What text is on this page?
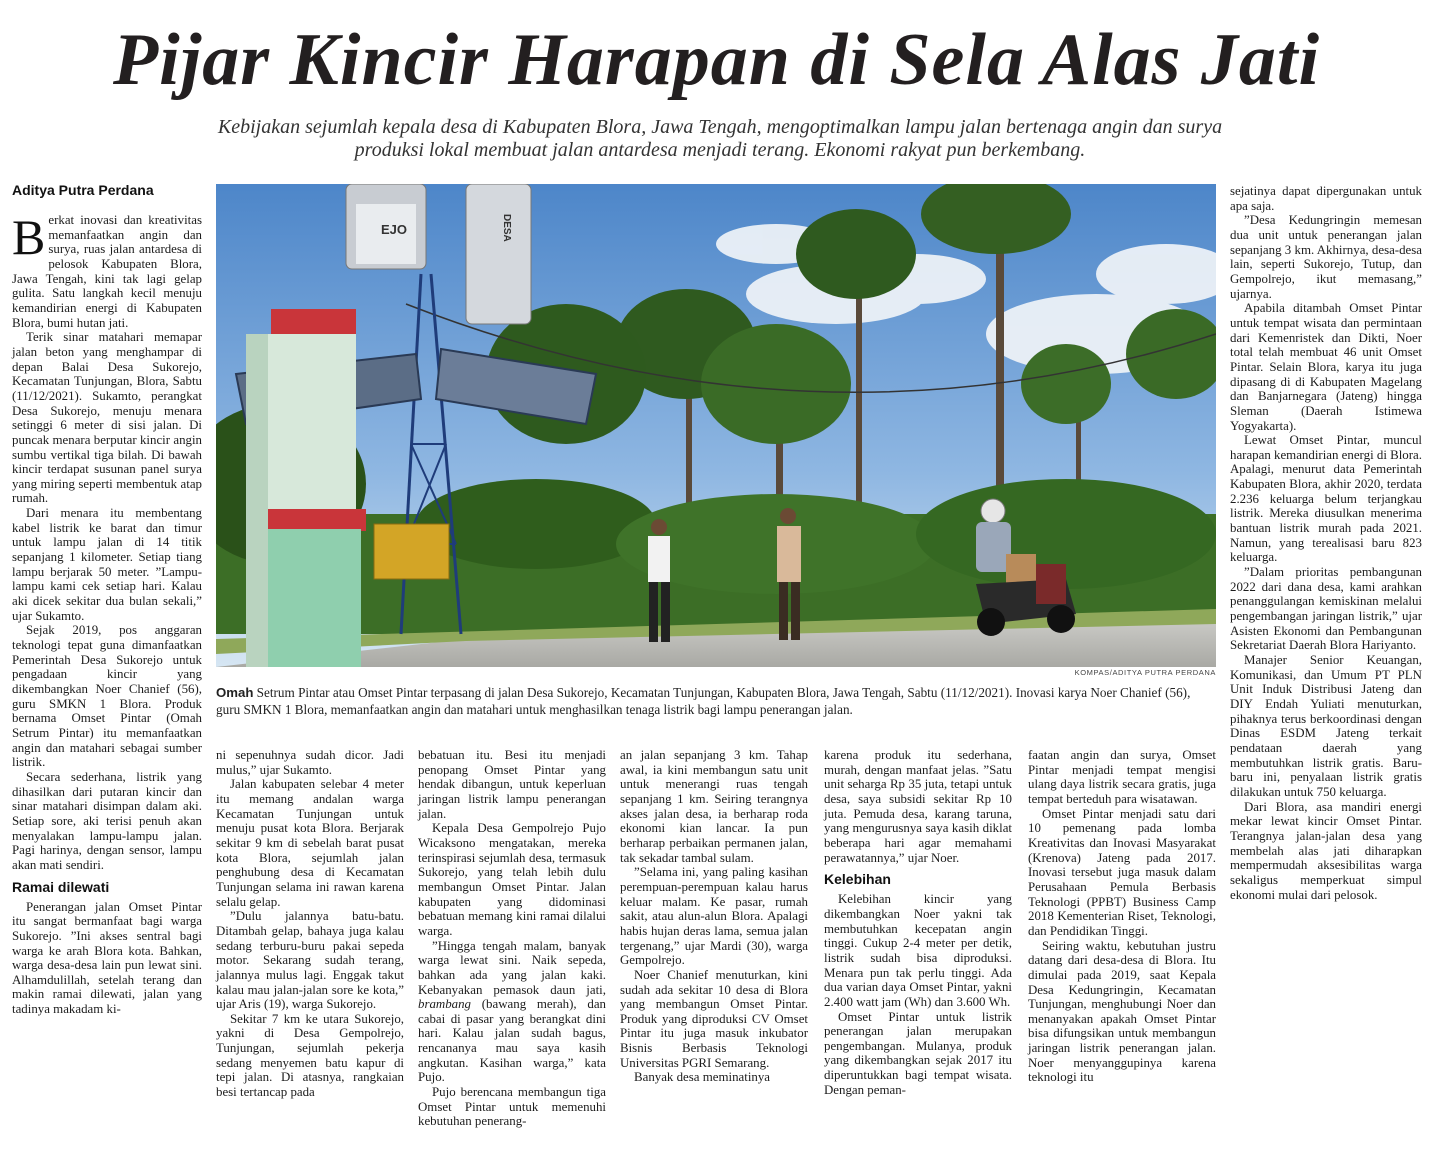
Pijar Kincir Harapan di Sela Alas Jati

Kebijakan sejumlah kepala desa di Kabupaten Blora, Jawa Tengah, mengoptimalkan lampu jalan bertenaga angin dan surya produksi lokal membuat jalan antardesa menjadi terang. Ekonomi rakyat pun berkembang.

Aditya Putra Perdana

Berkat inovasi dan kreativitas memanfaatkan angin dan surya, ruas jalan antardesa di pelosok Kabupaten Blora, Jawa Tengah, kini tak lagi gelap gulita. Satu langkah kecil menuju kemandirian energi di Kabupaten Blora, bumi hutan jati.

Terik sinar matahari memapar jalan beton yang menghampar di depan Balai Desa Sukorejo, Kecamatan Tunjungan, Blora, Sabtu (11/12/2021). Sukamto, perangkat Desa Sukorejo, menuju menara setinggi 6 meter di sisi jalan. Di puncak menara berputar kincir angin sumbu vertikal tiga bilah. Di bawah kincir terdapat susunan panel surya yang miring seperti membentuk atap rumah.

Dari menara itu membentang kabel listrik ke barat dan timur untuk lampu jalan di 14 titik sepanjang 1 kilometer. Setiap tiang lampu berjarak 50 meter. ”Lampu-lampu kami cek setiap hari. Kalau aki dicek sekitar dua bulan sekali,” ujar Sukamto.

Sejak 2019, pos anggaran teknologi tepat guna dimanfaatkan Pemerintah Desa Sukorejo untuk pengadaan kincir yang dikembangkan Noer Chanief (56), guru SMKN 1 Blora. Produk bernama Omset Pintar (Omah Setrum Pintar) itu memanfaatkan angin dan matahari sebagai sumber listrik.

Secara sederhana, listrik yang dihasilkan dari putaran kincir dan sinar matahari disimpan dalam aki. Setiap sore, aki terisi penuh akan menyalakan lampu-lampu jalan. Pagi harinya, dengan sensor, lampu akan mati sendiri.

Ramai dilewati

Penerangan jalan Omset Pintar itu sangat bermanfaat bagi warga Sukorejo. ”Ini akses sentral bagi warga ke arah Blora kota. Bahkan, warga desa-desa lain pun lewat sini. Alhamdulillah, setelah terang dan makin ramai dilewati, jalan yang tadinya makadam ki-

EJO	DESA

KOMPAS/ADITYA PUTRA PERDANA

Omah Setrum Pintar atau Omset Pintar terpasang di jalan Desa Sukorejo, Kecamatan Tunjungan, Kabupaten Blora, Jawa Tengah, Sabtu (11/12/2021). Inovasi karya Noer Chanief (56), guru SMKN 1 Blora, memanfaatkan angin dan matahari untuk menghasilkan tenaga listrik bagi lampu penerangan jalan.

ni sepenuhnya sudah dicor. Jadi mulus,” ujar Sukamto.

Jalan kabupaten selebar 4 meter itu memang andalan warga Kecamatan Tunjungan untuk menuju pusat kota Blora. Berjarak sekitar 9 km di sebelah barat pusat kota Blora, sejumlah jalan penghubung desa di Kecamatan Tunjungan selama ini rawan karena selalu gelap.

”Dulu jalannya batu-batu. Ditambah gelap, bahaya juga kalau sedang terburu-buru pakai sepeda motor. Sekarang sudah terang, jalannya mulus lagi. Enggak takut kalau mau jalan-jalan sore ke kota,” ujar Aris (19), warga Sukorejo.

Sekitar 7 km ke utara Sukorejo, yakni di Desa Gempolrejo, Tunjungan, sejumlah pekerja sedang menyemen batu kapur di tepi jalan. Di atasnya, rangkaian besi tertancap pada

bebatuan itu. Besi itu menjadi penopang Omset Pintar yang hendak dibangun, untuk keperluan jaringan listrik lampu penerangan jalan.

Kepala Desa Gempolrejo Pujo Wicaksono mengatakan, mereka terinspirasi sejumlah desa, termasuk Sukorejo, yang telah lebih dulu membangun Omset Pintar. Jalan kabupaten yang didominasi bebatuan memang kini ramai dilalui warga.

”Hingga tengah malam, banyak warga lewat sini. Naik sepeda, bahkan ada yang jalan kaki. Kebanyakan pemasok daun jati, brambang (bawang merah), dan cabai di pasar yang berangkat dini hari. Kalau jalan sudah bagus, rencananya mau saya kasih angkutan. Kasihan warga,” kata Pujo.

Pujo berencana membangun tiga Omset Pintar untuk memenuhi kebutuhan penerang-

an jalan sepanjang 3 km. Tahap awal, ia kini membangun satu unit untuk menerangi ruas tengah sepanjang 1 km. Seiring terangnya akses jalan desa, ia berharap roda ekonomi kian lancar. Ia pun berharap perbaikan permanen jalan, tak sekadar tambal sulam.

”Selama ini, yang paling kasihan perempuan-perempuan kalau harus keluar malam. Ke pasar, rumah sakit, atau alun-alun Blora. Apalagi habis hujan deras lama, semua jalan tergenang,” ujar Mardi (30), warga Gempolrejo.

Noer Chanief menuturkan, kini sudah ada sekitar 10 desa di Blora yang membangun Omset Pintar. Produk yang diproduksi CV Omset Pintar itu juga masuk inkubator Bisnis Berbasis Teknologi Universitas PGRI Semarang.

Banyak desa meminatinya

karena produk itu sederhana, murah, dengan manfaat jelas. ”Satu unit seharga Rp 35 juta, tetapi untuk desa, saya subsidi sekitar Rp 10 juta. Pemuda desa, karang taruna, yang mengurusnya saya kasih diklat beberapa hari agar memahami perawatannya,” ujar Noer.

Kelebihan

Kelebihan kincir yang dikembangkan Noer yakni tak membutuhkan kecepatan angin tinggi. Cukup 2-4 meter per detik, listrik sudah bisa diproduksi. Menara pun tak perlu tinggi. Ada dua varian daya Omset Pintar, yakni 2.400 watt jam (Wh) dan 3.600 Wh.

Omset Pintar untuk listrik penerangan jalan merupakan pengembangan. Mulanya, produk yang dikembangkan sejak 2017 itu diperuntukkan bagi tempat wisata. Dengan peman-

faatan angin dan surya, Omset Pintar menjadi tempat mengisi ulang daya listrik secara gratis, juga tempat berteduh para wisatawan.

Omset Pintar menjadi satu dari 10 pemenang pada lomba Kreativitas dan Inovasi Masyarakat (Krenova) Jateng pada 2017. Inovasi tersebut juga masuk dalam Perusahaan Pemula Berbasis Teknologi (PPBT) Business Camp 2018 Kementerian Riset, Teknologi, dan Pendidikan Tinggi.

Seiring waktu, kebutuhan justru datang dari desa-desa di Blora. Itu dimulai pada 2019, saat Kepala Desa Kedungringin, Kecamatan Tunjungan, menghubungi Noer dan menanyakan apakah Omset Pintar bisa difungsikan untuk membangun jaringan listrik penerangan jalan. Noer menyanggupinya karena teknologi itu

sejatinya dapat dipergunakan untuk apa saja.

”Desa Kedungringin memesan dua unit untuk penerangan jalan sepanjang 3 km. Akhirnya, desa-desa lain, seperti Sukorejo, Tutup, dan Gempolrejo, ikut memasang,” ujarnya.

Apabila ditambah Omset Pintar untuk tempat wisata dan permintaan dari Kemenristek dan Dikti, Noer total telah membuat 46 unit Omset Pintar. Selain Blora, karya itu juga dipasang di di Kabupaten Magelang dan Banjarnegara (Jateng) hingga Sleman (Daerah Istimewa Yogyakarta).

Lewat Omset Pintar, muncul harapan kemandirian energi di Blora. Apalagi, menurut data Pemerintah Kabupaten Blora, akhir 2020, terdata 2.236 keluarga belum terjangkau listrik. Mereka diusulkan menerima bantuan listrik murah pada 2021. Namun, yang terealisasi baru 823 keluarga.

”Dalam prioritas pembangunan 2022 dari dana desa, kami arahkan penanggulangan kemiskinan melalui pengembangan jaringan listrik,” ujar Asisten Ekonomi dan Pembangunan Sekretariat Daerah Blora Hariyanto.

Manajer Senior Keuangan, Komunikasi, dan Umum PT PLN Unit Induk Distribusi Jateng dan DIY Endah Yuliati menuturkan, pihaknya terus berkoordinasi dengan Dinas ESDM Jateng terkait pendataan daerah yang membutuhkan listrik gratis. Baru-baru ini, penyalaan listrik gratis dilakukan untuk 750 keluarga.

Dari Blora, asa mandiri energi mekar lewat kincir Omset Pintar. Terangnya jalan-jalan desa yang membelah alas jati diharapkan mempermudah aksesibilitas warga sekaligus memperkuat simpul ekonomi mulai dari pelosok.
